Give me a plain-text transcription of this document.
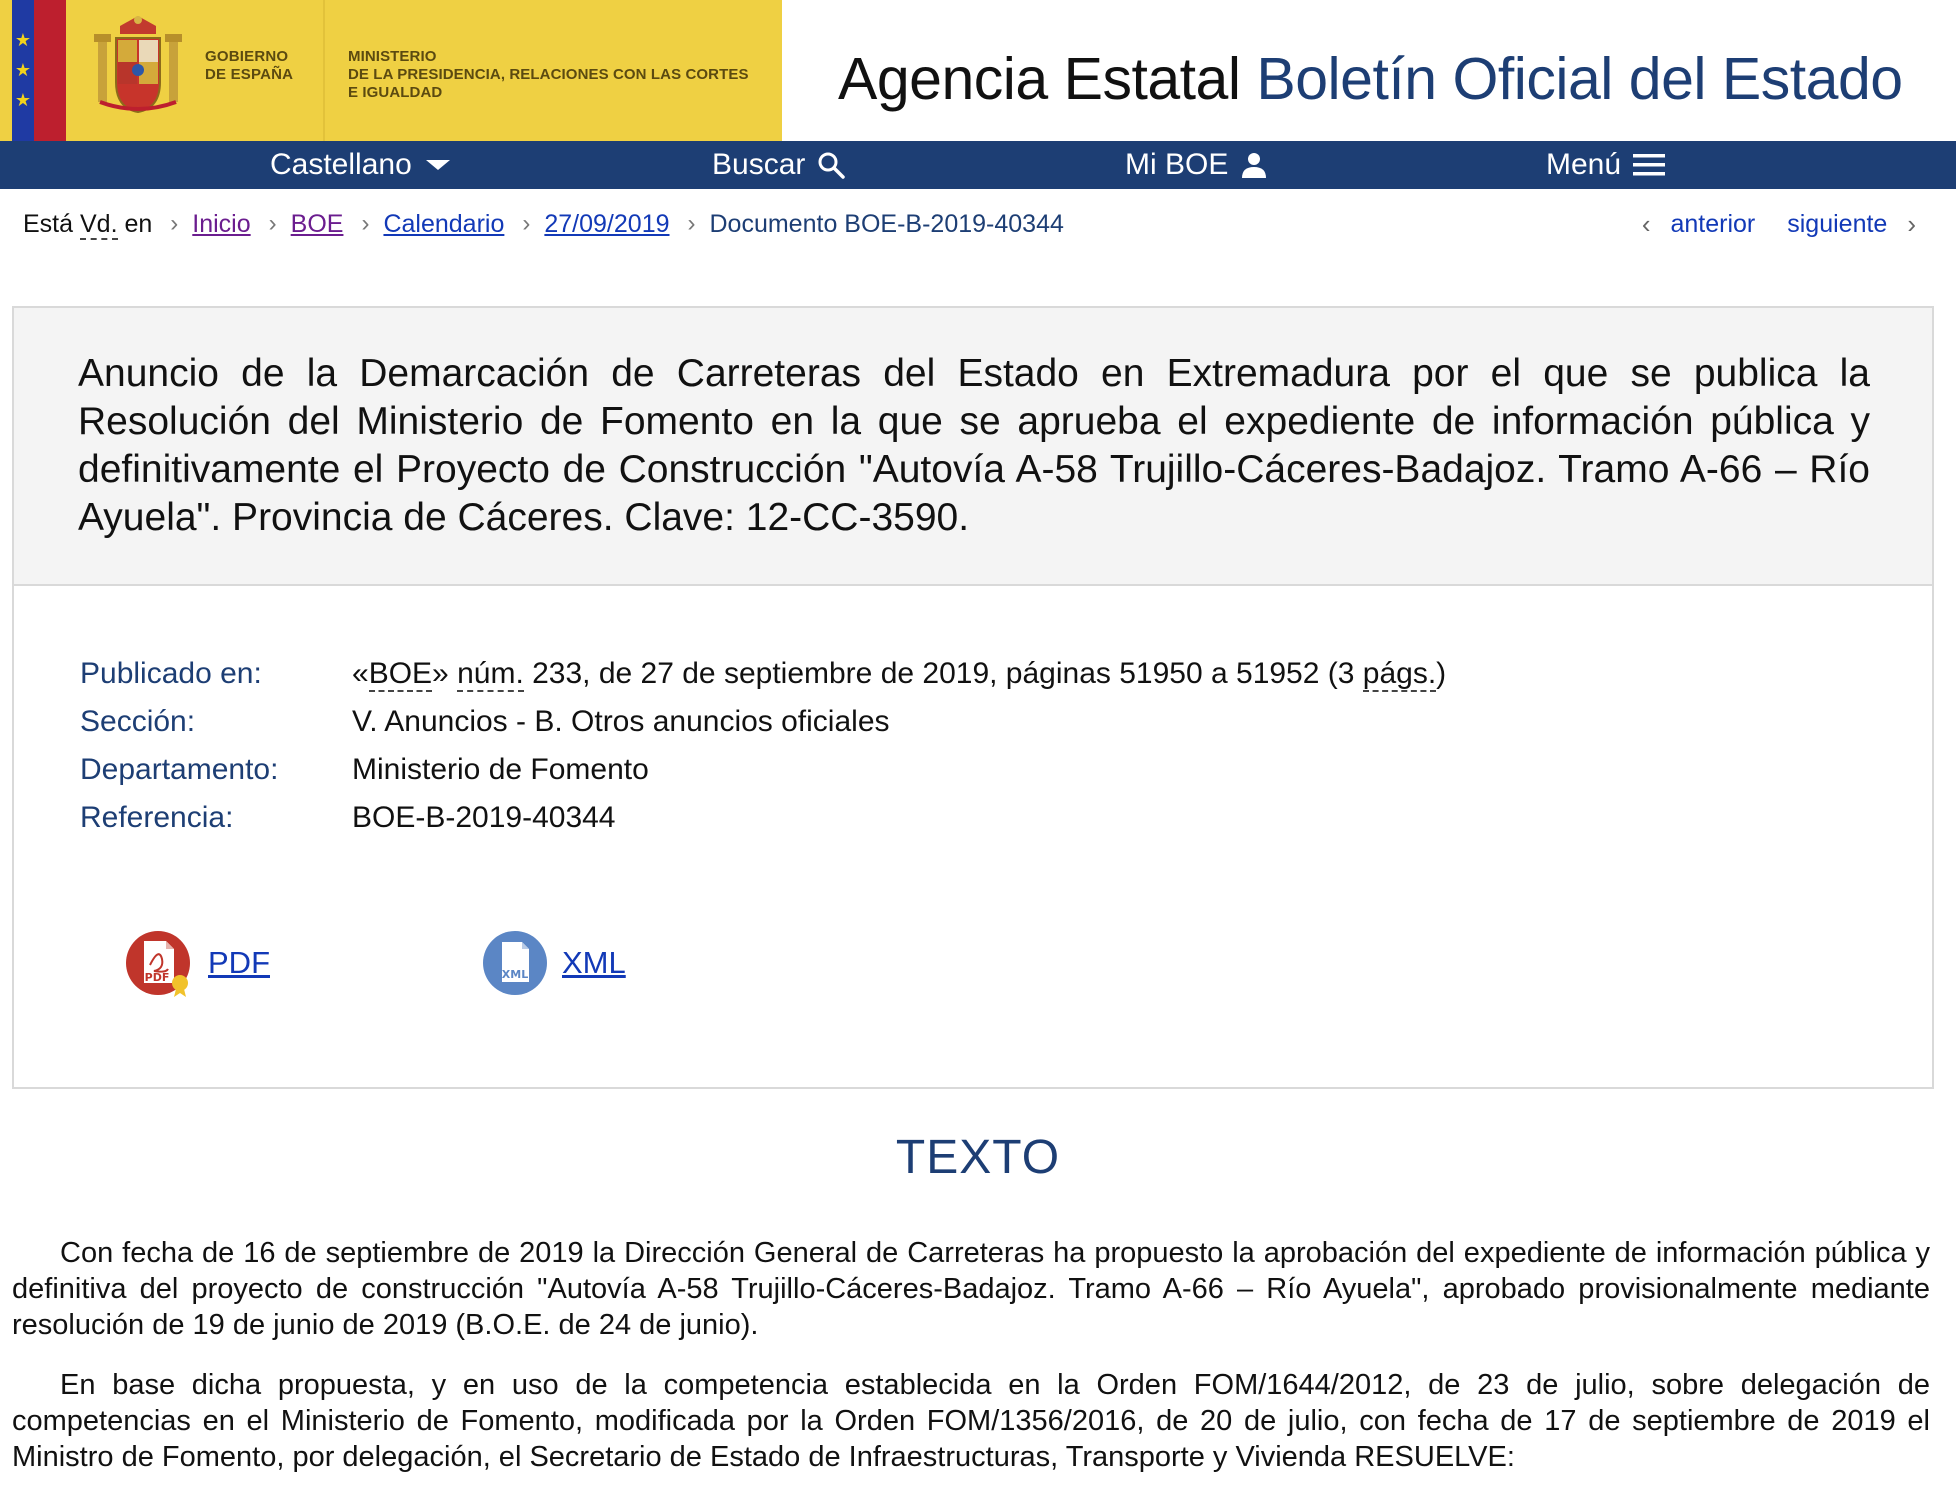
★
★
★
GOBIERNO
DE ESPAÑA
MINISTERIO
DE LA PRESIDENCIA, RELACIONES CON LAS CORTES
E IGUALDAD	Agencia Estatal Boletín Oficial del Estado
Castellano	Buscar	Mi BOE	Menú
Está Vd. en › Inicio › BOE › Calendario › 27/09/2019 › Documento BOE-B-2019-40344	‹ anterior siguiente ›
Anuncio de la Demarcación de Carreteras del Estado en Extremadura por el que se publica la Resolución del Ministerio de Fomento en la que se aprueba el expediente de información pública y definitivamente el Proyecto de Construcción "Autovía A-58 Trujillo-Cáceres-Badajoz. Tramo A-66 – Río Ayuela". Provincia de Cáceres. Clave: 12-CC-3590.
Publicado en:	«BOE» núm. 233, de 27 de septiembre de 2019, páginas 51950 a 51952 (3 págs.)
Sección:	V. Anuncios - B. Otros anuncios oficiales
Departamento:	Ministerio de Fomento
Referencia:	BOE-B-2019-40344
PDF PDF	XML XML
TEXTO

Con fecha de 16 de septiembre de 2019 la Dirección General de Carreteras ha propuesto la aprobación del expediente de información pública y definitiva del proyecto de construcción "Autovía A-58 Trujillo-Cáceres-Badajoz. Tramo A-66 – Río Ayuela", aprobado provisionalmente mediante resolución de 19 de junio de 2019 (B.O.E. de 24 de junio).

En base dicha propuesta, y en uso de la competencia establecida en la Orden FOM/1644/2012, de 23 de julio, sobre delegación de competencias en el Ministerio de Fomento, modificada por la Orden FOM/1356/2016, de 20 de julio, con fecha de 17 de septiembre de 2019 el Ministro de Fomento, por delegación, el Secretario de Estado de Infraestructuras, Transporte y Vivienda RESUELVE:
